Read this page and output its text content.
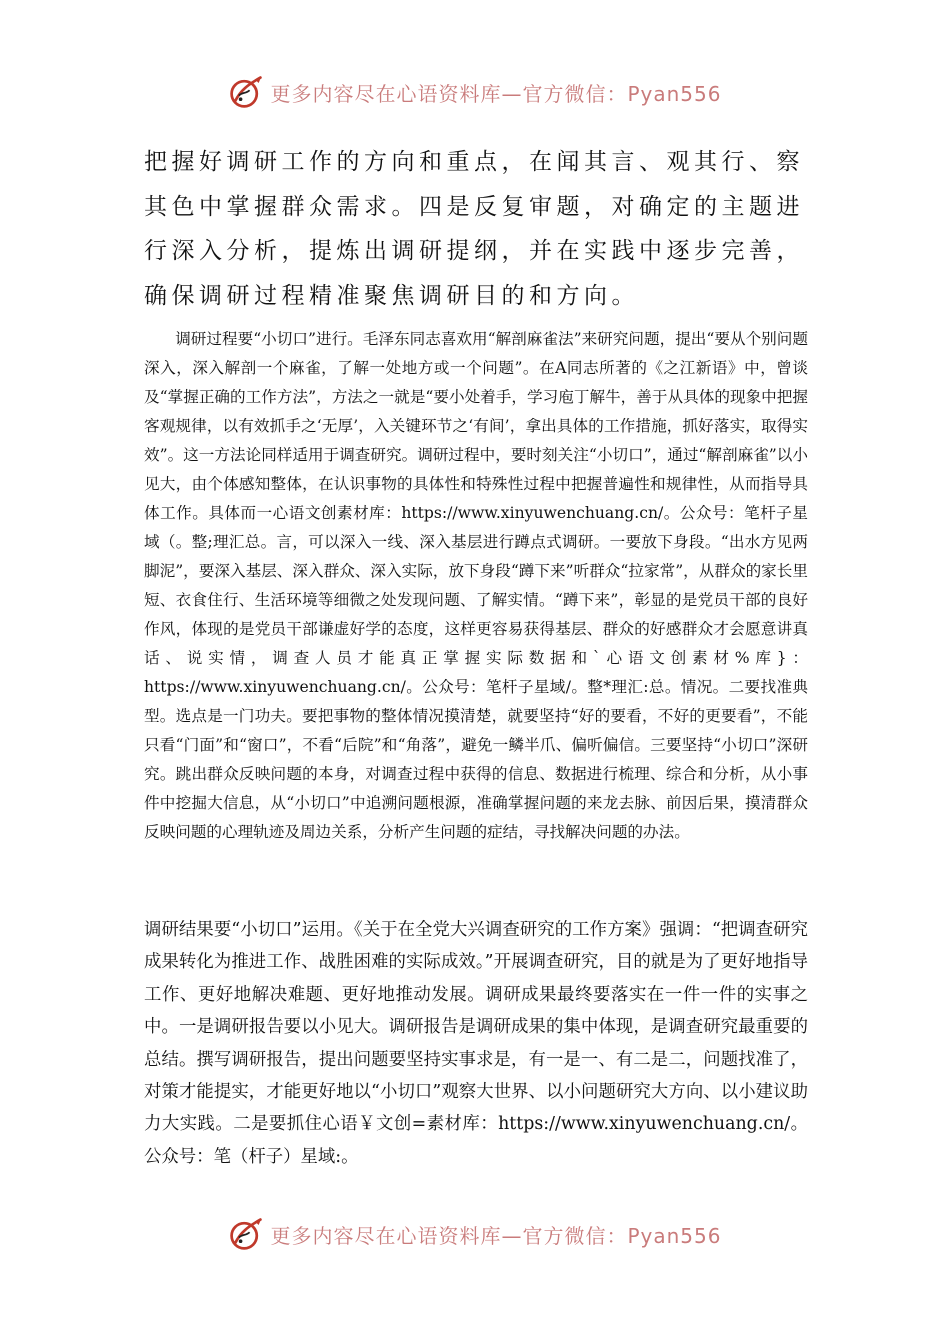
更多内容尽在心语资料库—官方微信：Pyan556

把握好调研工作的方向和重点，在闻其言、观其行、察其色中掌握群众需求。四是反复审题，对确定的主题进行深入分析，提炼出调研提纲，并在实践中逐步完善，确保调研过程精准聚焦调研目的和方向。

调研过程要“小切口”进行。毛泽东同志喜欢用“解剖麻雀法”来研究问题，提出“要从个别问题深入，深入解剖一个麻雀，了解一处地方或一个问题”。在A同志所著的《之江新语》中，曾谈及“掌握正确的工作方法”，方法之一就是“要小处着手，学习庖丁解牛，善于从具体的现象中把握客观规律，以有效抓手之‘无厚’，入关键环节之‘有间’，拿出具体的工作措施，抓好落实，取得实效”。这一方法论同样适用于调查研究。调研过程中，要时刻关注“小切口”，通过“解剖麻雀”以小见大，由个体感知整体，在认识事物的具体性和特殊性过程中把握普遍性和规律性，从而指导具体工作。具体而一心语文创素材库：https://www.xinyuwenchuang.cn/。公众号：笔杆子星域（。整;理汇总。言，可以深入一线、深入基层进行蹲点式调研。一要放下身段。“出水方见两脚泥”，要深入基层、深入群众、深入实际，放下身段“蹲下来”听群众“拉家常”，从群众的家长里短、衣食住行、生活环境等细微之处发现问题、了解实情。“蹲下来”，彰显的是党员干部的良好作风，体现的是党员干部谦虚好学的态度，这样更容易获得基层、群众的好感群众才会愿意讲真话、说实情，调查人员才能真正掌握实际数据和`心语文创素材%库}：https://www.xinyuwenchuang.cn/。公众号：笔杆子星域/。整*理汇:总。情况。二要找准典型。选点是一门功夫。要把事物的整体情况摸清楚，就要坚持“好的要看，不好的更要看”，不能只看“门面”和“窗口”，不看“后院”和“角落”，避免一鳞半爪、偏听偏信。三要坚持“小切口”深研究。跳出群众反映问题的本身，对调查过程中获得的信息、数据进行梳理、综合和分析，从小事件中挖掘大信息，从“小切口”中追溯问题根源，准确掌握问题的来龙去脉、前因后果，摸清群众反映问题的心理轨迹及周边关系，分析产生问题的症结，寻找解决问题的办法。

调研结果要“小切口”运用。《关于在全党大兴调查研究的工作方案》强调：“把调查研究成果转化为推进工作、战胜困难的实际成效。”开展调查研究，目的就是为了更好地指导工作、更好地解决难题、更好地推动发展。调研成果最终要落实在一件一件的实事之中。一是调研报告要以小见大。调研报告是调研成果的集中体现，是调查研究最重要的总结。撰写调研报告，提出问题要坚持实事求是，有一是一、有二是二，问题找准了，对策才能提实，才能更好地以“小切口”观察大世界、以小问题研究大方向、以小建议助力大实践。二是要抓住心语￥文创=素材库：https://www.xinyuwenchuang.cn/。公众号：笔（杆子）星域:。

更多内容尽在心语资料库—官方微信：Pyan556
